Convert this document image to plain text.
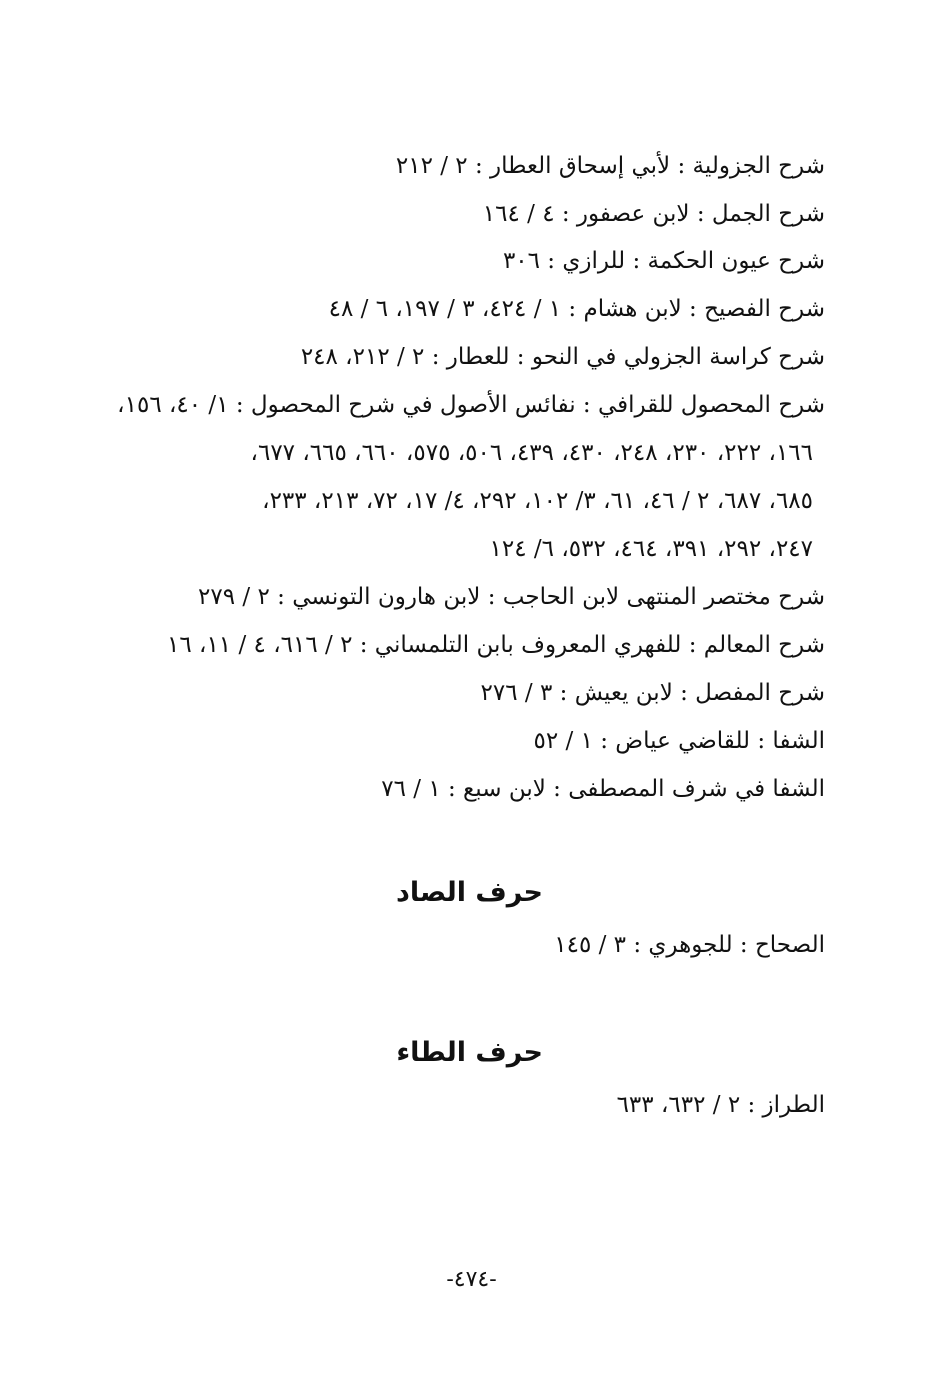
شرح الجزولية : لأبي إسحاق العطار : ٢ / ٢١٢
شرح الجمل : لابن عصفور : ٤ / ١٦٤
شرح عيون الحكمة : للرازي : ٣٠٦
شرح الفصيح : لابن هشام : ١ / ٤٢٤، ٣ / ١٩٧، ٦ / ٤٨
شرح كراسة الجزولي في النحو : للعطار : ٢ / ٢١٢، ٢٤٨
شرح المحصول للقرافي : نفائس الأصول في شرح المحصول : ١/ ٤٠، ١٥٦،
١٦٦، ٢٢٢، ٢٣٠، ٢٤٨، ٤٣٠، ٤٣٩، ٥٠٦، ٥٧٥، ٦٦٠، ٦٦٥، ٦٧٧،
٦٨٥، ٦٨٧، ٢ / ٤٦، ٦١، ٣/ ١٠٢، ٢٩٢، ٤/ ١٧، ٧٢، ٢١٣، ٢٣٣،
٢٤٧، ٢٩٢، ٣٩١، ٤٦٤، ٥٣٢، ٦/ ١٢٤
شرح مختصر المنتهى لابن الحاجب : لابن هارون التونسي : ٢ / ٢٧٩
شرح المعالم : للفهري المعروف بابن التلمساني : ٢ / ٦١٦، ٤ / ١١، ١٦
شرح المفصل : لابن يعيش : ٣ / ٢٧٦
الشفا : للقاضي عياض : ١ / ٥٢
الشفا في شرف المصطفى : لابن سبع : ١ / ٧٦
حرف الصاد
الصحاح : للجوهري : ٣ / ١٤٥
حرف الطاء
الطراز : ٢ / ٦٣٢، ٦٣٣
-٤٧٤-
